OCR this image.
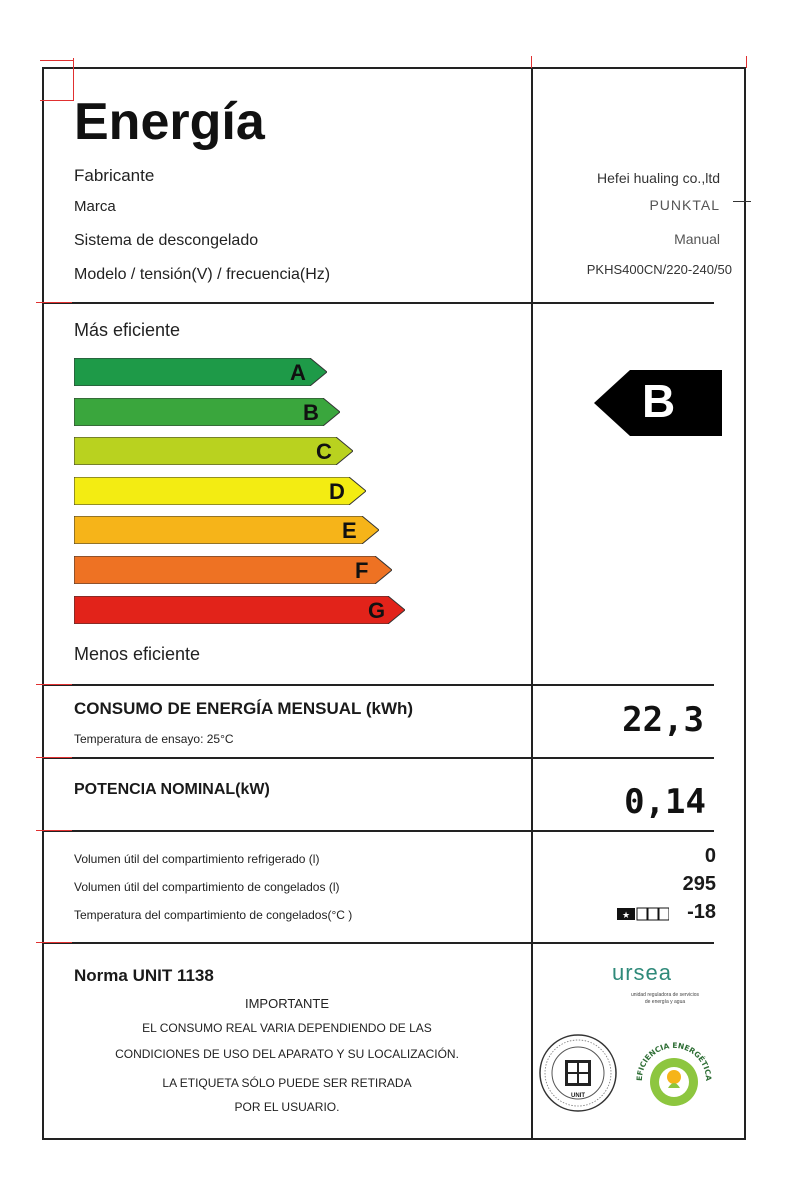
Energía
Fabricante
Marca
Sistema de descongelado
Modelo / tensión(V) / frecuencia(Hz)
Hefei hualing co.,ltd
PUNKTAL
Manual
PKHS400CN/220-240/50
Más eficiente
Menos eficiente
A
B
C
D
E
F
G
B
CONSUMO DE ENERGÍA MENSUAL (kWh)
Temperatura de ensayo: 25°C	22,3
POTENCIA NOMINAL(kW)	0,14
Volumen útil del compartimiento refrigerado (l)
Volumen útil del compartimiento de congelados (l)
Temperatura del compartimiento de congelados(°C )
0
295
-18
★
Norma UNIT 1138
IMPORTANTE
EL CONSUMO REAL VARIA DEPENDIENDO DE LAS
CONDICIONES DE USO DEL APARATO Y SU LOCALIZACIÓN.
LA ETIQUETA SÓLO PUEDE SER RETIRADA
POR EL USUARIO.
ursea
unidad reguladora de servicios
de energía y agua
UNIT
EFICIENCIA ENERGÉTICA
